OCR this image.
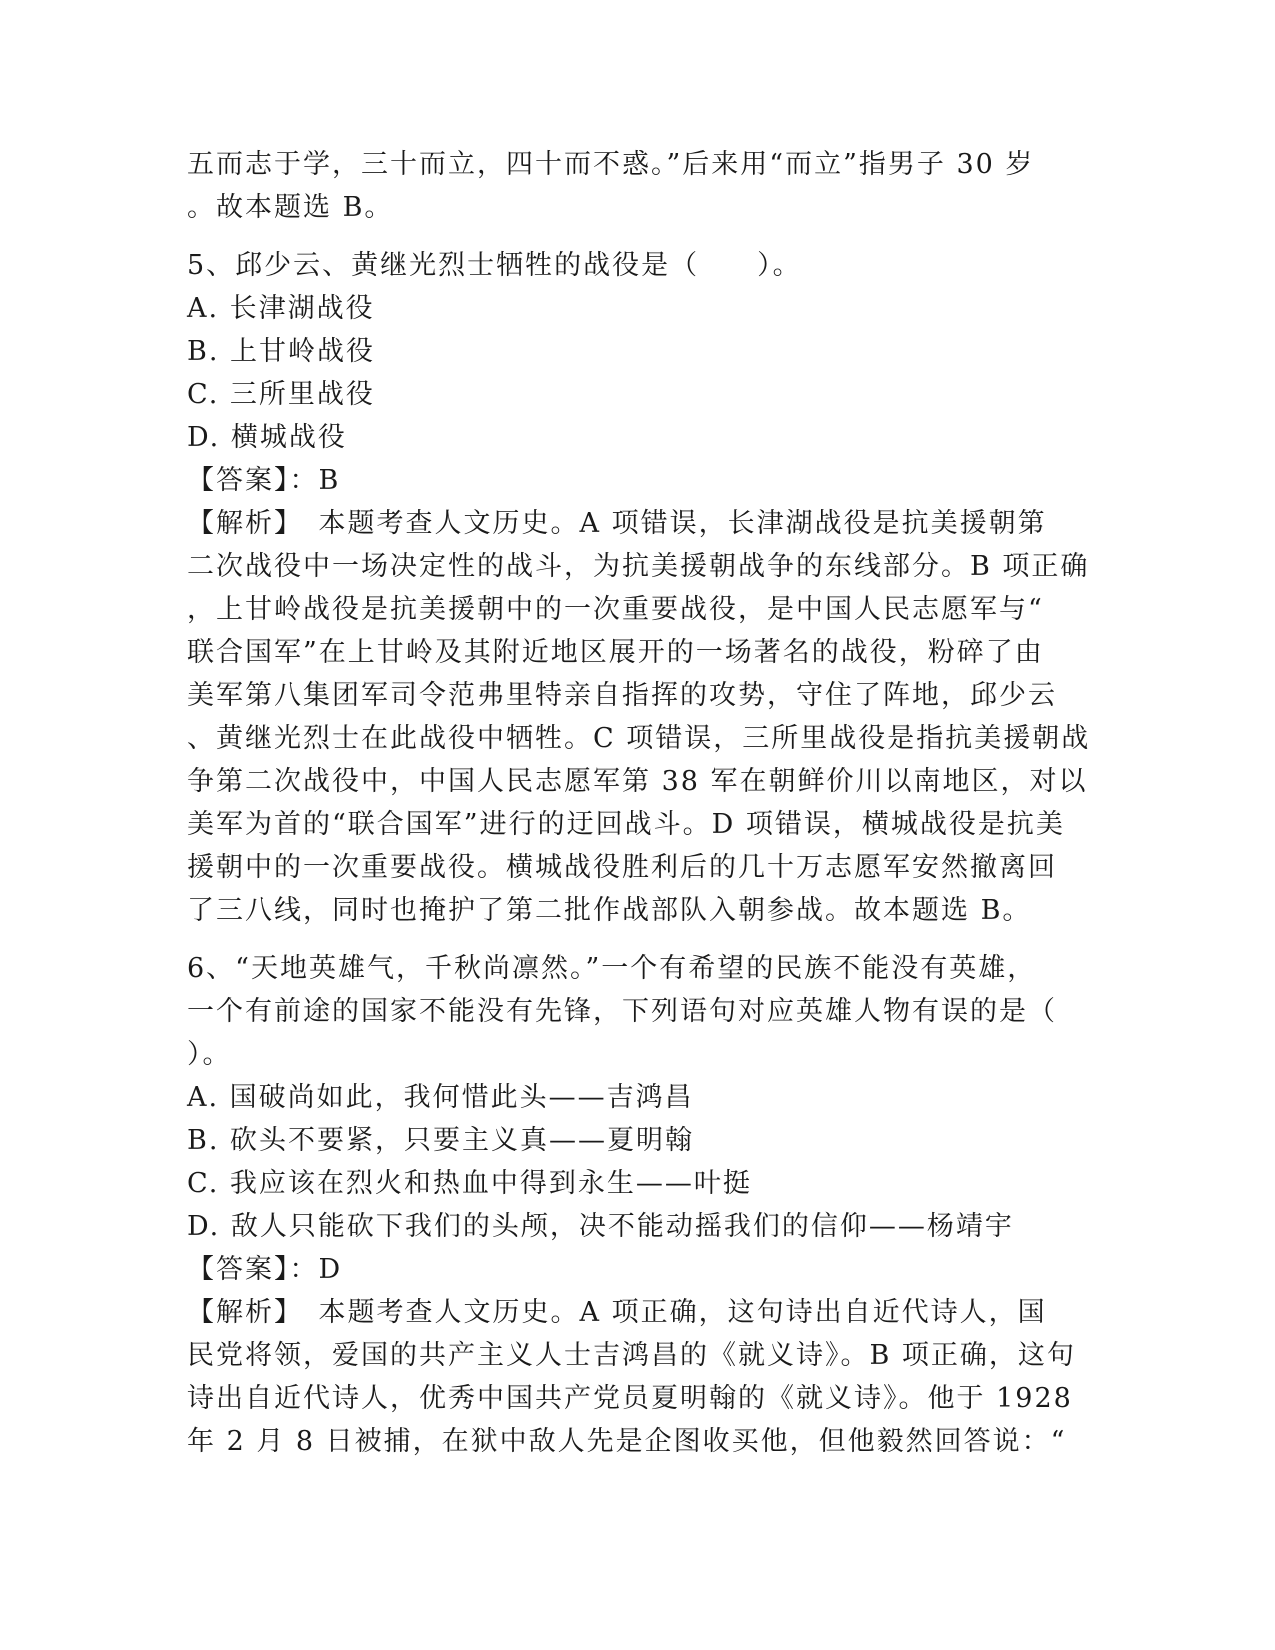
五而志于学，三十而立，四十而不惑。”后来用“而立”指男子 30 岁
。故本题选 B。
5、邱少云、黄继光烈士牺牲的战役是（　　）。
A. 长津湖战役
B. 上甘岭战役
C. 三所里战役
D. 横城战役
【答案】：B
【解析】　本题考查人文历史。A 项错误，长津湖战役是抗美援朝第
二次战役中一场决定性的战斗，为抗美援朝战争的东线部分。B 项正确
，上甘岭战役是抗美援朝中的一次重要战役，是中国人民志愿军与“
联合国军”在上甘岭及其附近地区展开的一场著名的战役，粉碎了由
美军第八集团军司令范弗里特亲自指挥的攻势，守住了阵地，邱少云
、黄继光烈士在此战役中牺牲。C 项错误，三所里战役是指抗美援朝战
争第二次战役中，中国人民志愿军第 38 军在朝鲜价川以南地区，对以
美军为首的“联合国军”进行的迂回战斗。D 项错误，横城战役是抗美
援朝中的一次重要战役。横城战役胜利后的几十万志愿军安然撤离回
了三八线，同时也掩护了第二批作战部队入朝参战。故本题选 B。
6、“天地英雄气，千秋尚凛然。”一个有希望的民族不能没有英雄，
一个有前途的国家不能没有先锋，下列语句对应英雄人物有误的是（
）。
A. 国破尚如此，我何惜此头——吉鸿昌
B. 砍头不要紧，只要主义真——夏明翰
C. 我应该在烈火和热血中得到永生——叶挺
D. 敌人只能砍下我们的头颅，决不能动摇我们的信仰——杨靖宇
【答案】：D
【解析】　本题考查人文历史。A 项正确，这句诗出自近代诗人，国
民党将领，爱国的共产主义人士吉鸿昌的《就义诗》。B 项正确，这句
诗出自近代诗人，优秀中国共产党员夏明翰的《就义诗》。他于 1928
年 2 月 8 日被捕，在狱中敌人先是企图收买他，但他毅然回答说：“
